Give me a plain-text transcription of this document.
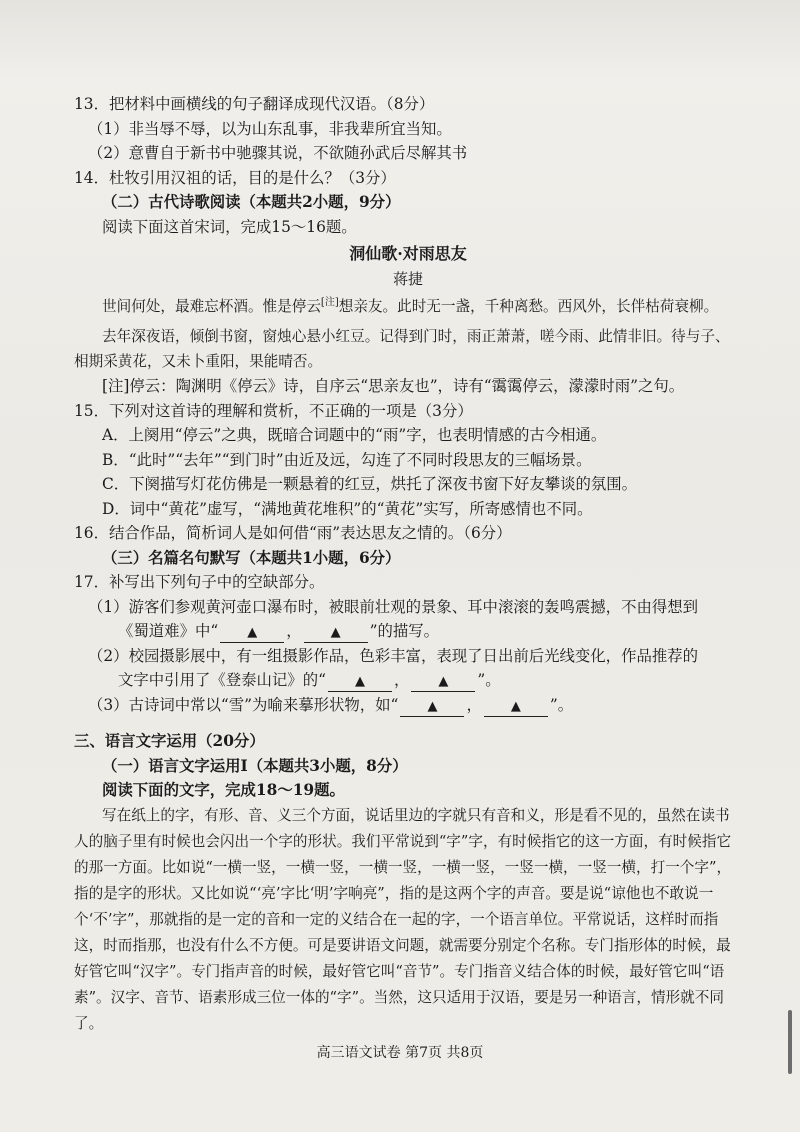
13．把材料中画横线的句子翻译成现代汉语。（8分）
（1）非当辱不辱，以为山东乱事，非我辈所宜当知。
（2）意曹自于新书中驰骤其说，不欲随孙武后尽解其书
14．杜牧引用汉祖的话，目的是什么？（3分）
（二）古代诗歌阅读（本题共2小题，9分）
阅读下面这首宋词，完成15～16题。
洞仙歌·对雨思友
蒋捷
世间何处，最难忘杯酒。惟是停云[注]想亲友。此时无一盏，千种离愁。西风外，长伴枯荷衰柳。
去年深夜语，倾倒书窗，窗烛心悬小红豆。记得到门时，雨正萧萧，嗟今雨、此情非旧。待与子、相期采黄花，又未卜重阳，果能晴否。
[注]停云：陶渊明《停云》诗，自序云“思亲友也”，诗有“霭霭停云，濛濛时雨”之句。
15．下列对这首诗的理解和赏析，不正确的一项是（3分）
A．上阕用“停云”之典，既暗合词题中的“雨”字，也表明情感的古今相通。
B．“此时”“去年”“到门时”由近及远，勾连了不同时段思友的三幅场景。
C．下阕描写灯花仿佛是一颗悬着的红豆，烘托了深夜书窗下好友攀谈的氛围。
D．词中“黄花”虚写，“满地黄花堆积”的“黄花”实写，所寄感情也不同。
16．结合作品，简析词人是如何借“雨”表达思友之情的。（6分）
（三）名篇名句默写（本题共1小题，6分）
17．补写出下列句子中的空缺部分。
（1）游客们参观黄河壶口瀑布时，被眼前壮观的景象、耳中滚滚的轰鸣震撼，不由得想到
《蜀道难》中“ ▲ ， ▲ ”的描写。
（2）校园摄影展中，有一组摄影作品，色彩丰富，表现了日出前后光线变化，作品推荐的
文字中引用了《登泰山记》的“ ▲ ， ▲ ”。
（3）古诗词中常以“雪”为喻来摹形状物，如“ ▲ ， ▲ ”。
三、语言文字运用（20分）
（一）语言文字运用Ⅰ（本题共3小题，8分）
阅读下面的文字，完成18～19题。
写在纸上的字，有形、音、义三个方面，说话里边的字就只有音和义，形是看不见的，虽然在读书人的脑子里有时候也会闪出一个字的形状。我们平常说到“字”字，有时候指它的这一方面，有时候指它的那一方面。比如说“一横一竖，一横一竖，一横一竖，一横一竖，一竖一横，一竖一横，打一个字”，指的是字的形状。又比如说“‘亮’字比‘明’字响亮”，指的是这两个字的声音。要是说“谅他也不敢说一个‘不’字”，那就指的是一定的音和一定的义结合在一起的字，一个语言单位。平常说话，这样时而指这，时而指那，也没有什么不方便。可是要讲语文问题，就需要分别定个名称。专门指形体的时候，最好管它叫“汉字”。专门指声音的时候，最好管它叫“音节”。专门指音义结合体的时候，最好管它叫“语素”。汉字、音节、语素形成三位一体的“字”。当然，这只适用于汉语，要是另一种语言，情形就不同了。
高三语文试卷 第7页 共8页
